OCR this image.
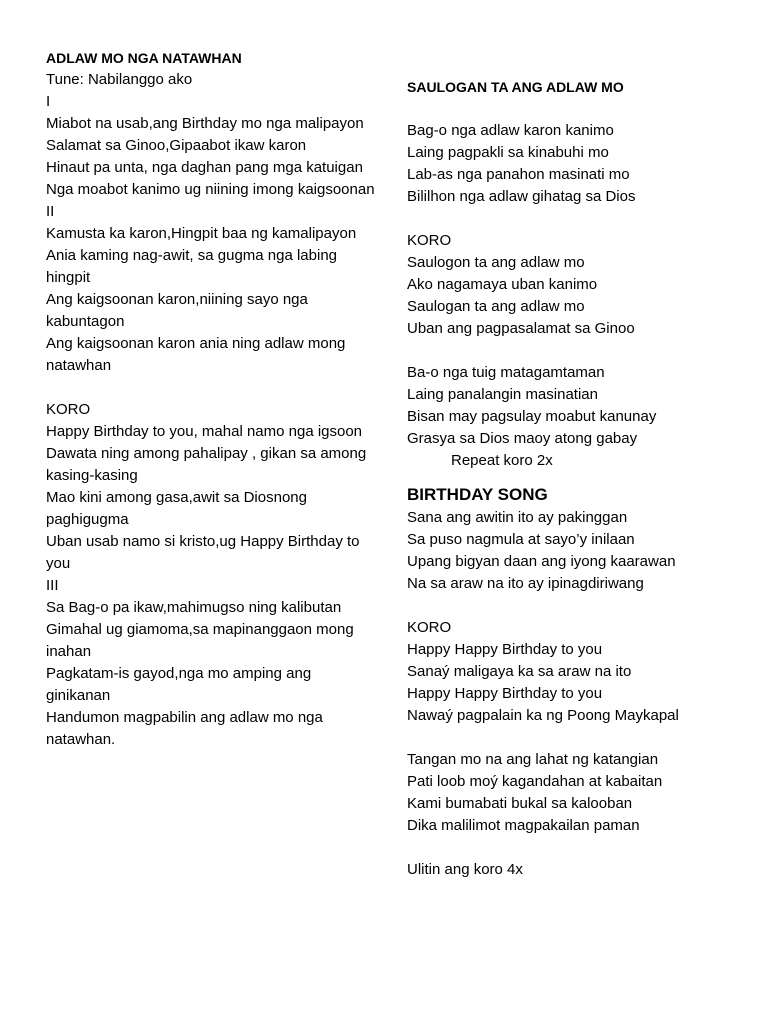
ADLAW MO NGA NATAWHAN
Tune: Nabilanggo ako
I
Miabot na usab,ang Birthday mo nga malipayon
Salamat sa Ginoo,Gipaabot ikaw karon
Hinaut pa unta, nga daghan pang mga katuigan
Nga moabot kanimo ug niining imong kaigsoonan
II
Kamusta ka karon,Hingpit baa ng kamalipayon
Ania kaming nag-awit, sa gugma nga labing hingpit
Ang kaigsoonan karon,niining sayo nga kabuntagon
Ang kaigsoonan karon ania ning adlaw mong natawhan
KORO
Happy Birthday to you, mahal namo nga igsoon
Dawata ning among pahalipay , gikan sa among kasing-kasing
Mao kini among gasa,awit sa Diosnong paghigugma
Uban usab namo si kristo,ug Happy Birthday to you
III
Sa Bag-o pa ikaw,mahimugso ning kalibutan
Gimahal ug giamoma,sa mapinanggaon mong inahan
Pagkatam-is gayod,nga mo amping ang ginikanan
Handumon magpabilin ang adlaw mo nga natawhan.
SAULOGAN TA ANG ADLAW MO
Bag-o nga adlaw karon kanimo
Laing pagpakli sa kinabuhi mo
Lab-as nga panahon masinati mo
Bililhon nga adlaw gihatag sa Dios
KORO
Saulogon ta ang adlaw mo
Ako nagamaya uban kanimo
Saulogan ta ang adlaw mo
Uban ang pagpasalamat sa Ginoo
Ba-o nga tuig matagamtaman
Laing panalangin masinatian
Bisan may pagsulay moabut kanunay
Grasya sa Dios maoy atong gabay
Repeat koro 2x
BIRTHDAY SONG
Sana ang awitin ito ay pakinggan
Sa puso nagmula at sayo’y inilaan
Upang bigyan daan ang iyong kaarawan
Na sa araw na ito ay ipinagdiriwang
KORO
Happy Happy Birthday to you
Sanaý maligaya ka sa araw na ito
Happy Happy Birthday to you
Nawaý pagpalain ka ng Poong Maykapal
Tangan mo na ang lahat ng katangian
Pati loob moý kagandahan at kabaitan
Kami bumabati bukal sa kalooban
Dika malilimot magpakailan paman
Ulitin ang koro 4x
